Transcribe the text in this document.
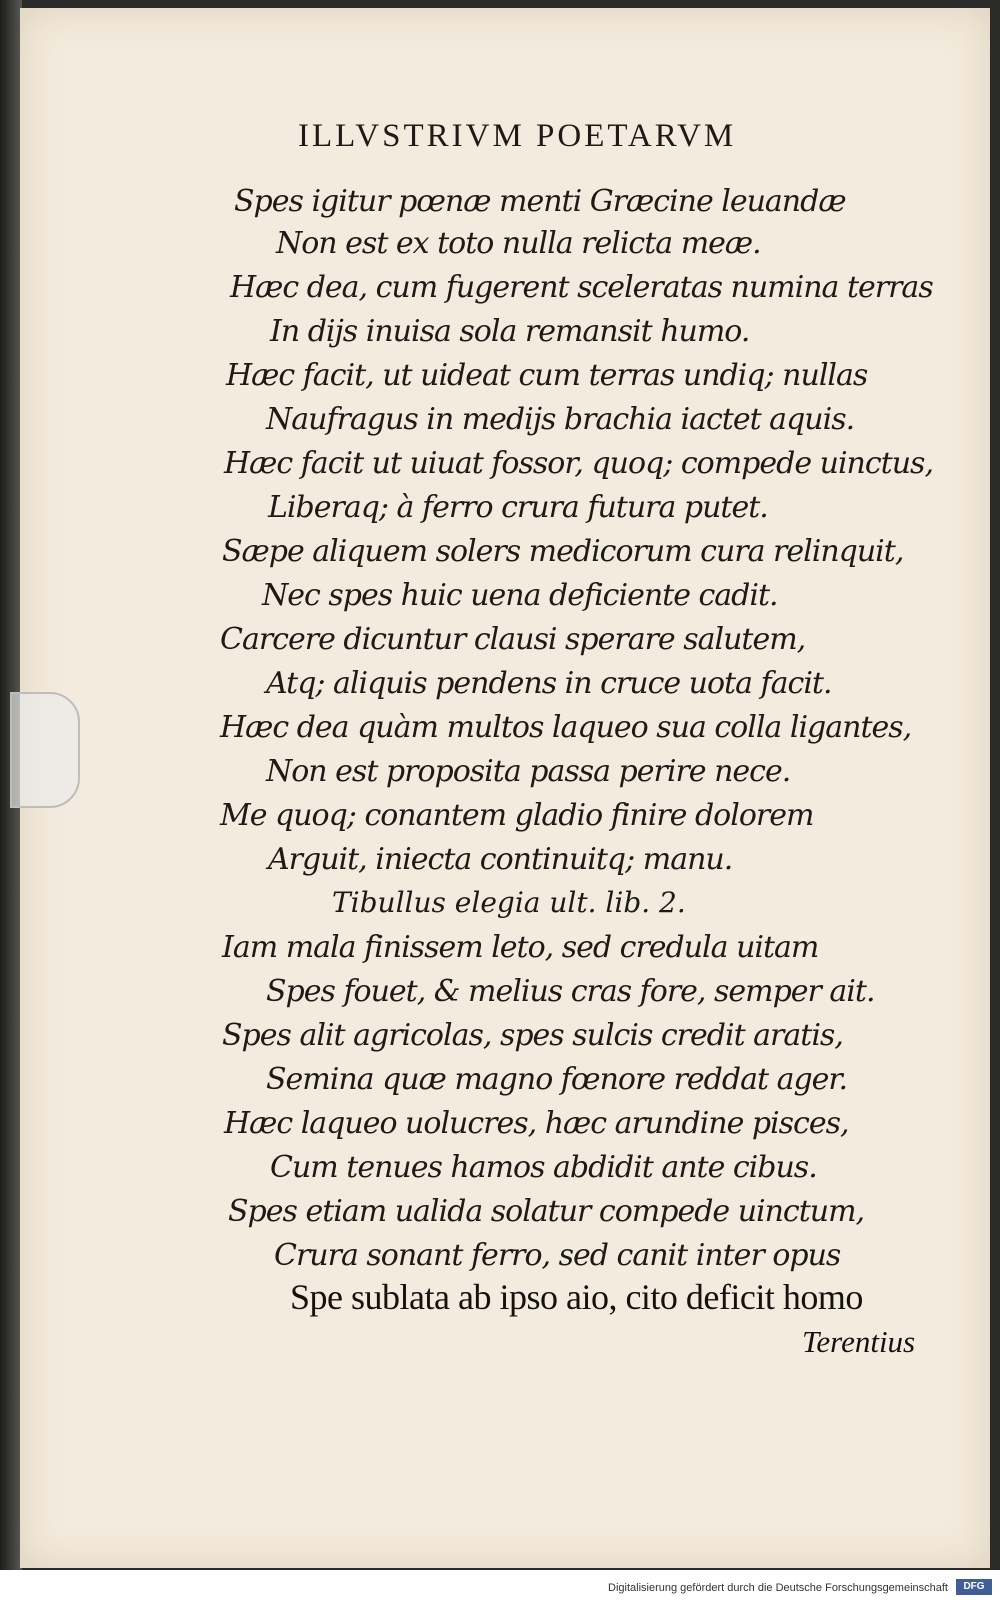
ILLVSTRIVM POETARVM
Spes igitur pœnæ menti Græcine leuandæ
Non est ex toto nulla relicta meæ.
Hæc dea, cum fugerent sceleratas numina terras
In dijs inuisa sola remansit humo.
Hæc facit, ut uideat cum terras undiq; nullas
Naufragus in medijs brachia iactet aquis.
Hæc facit ut uiuat fossor, quoq; compede uinctus,
Liberaq; à ferro crura futura putet.
Sæpe aliquem solers medicorum cura relinquit,
Nec spes huic uena deficiente cadit.
Carcere dicuntur clausi sperare salutem,
Atq; aliquis pendens in cruce uota facit.
Hæc dea quàm multos laqueo sua colla ligantes,
Non est proposita passa perire nece.
Me quoq; conantem gladio finire dolorem
Arguit, iniecta continuitq; manu.
Tibullus elegia ult. lib. 2.
Iam mala finissem leto, sed credula uitam
Spes fouet, & melius cras fore, semper ait.
Spes alit agricolas, spes sulcis credit aratis,
Semina quæ magno fœnore reddat ager.
Hæc laqueo uolucres, hæc arundine pisces,
Cum tenues hamos abdidit ante cibus.
Spes etiam ualida solatur compede uinctum,
Crura sonant ferro, sed canit inter opus
Spe sublata ab ipso aio, cito deficit homo
Terentius
Digitalisierung gefördert durch die Deutsche Forschungsgemeinschaft	DFG
